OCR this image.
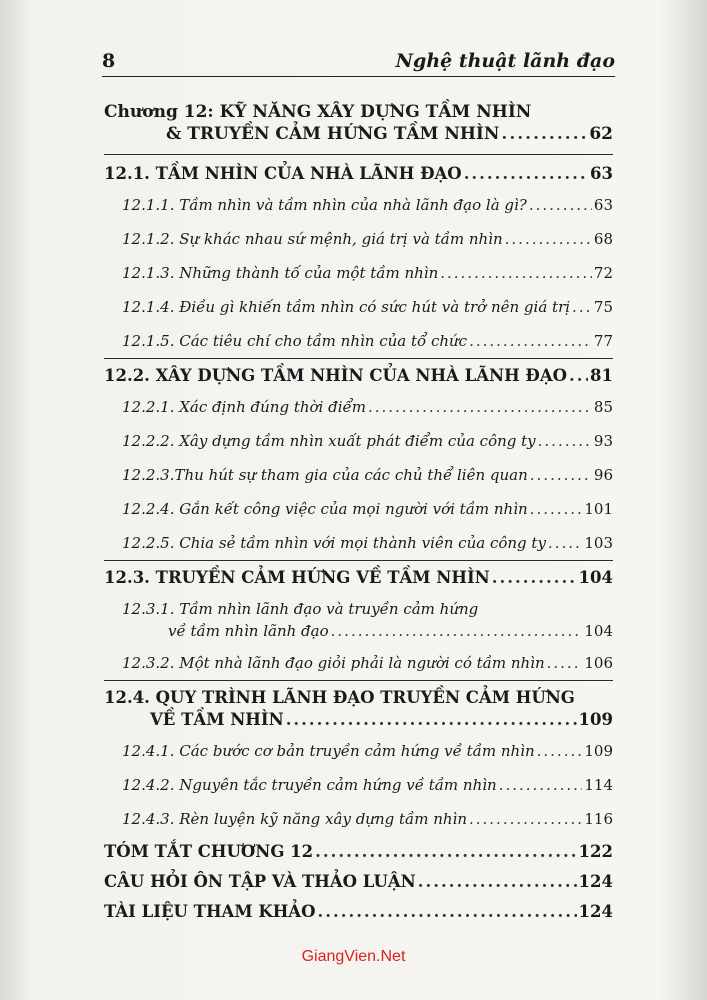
8	Nghệ thuật lãnh đạo
Chương 12: KỸ NĂNG XÂY DỰNG TẦM NHÌN
& TRUYỀN CẢM HỨNG TẦM NHÌN .....	62
12.1. TẦM NHÌN CỦA NHÀ LÃNH ĐẠO .....	63
12.1.1. Tầm nhìn và tầm nhìn của nhà lãnh đạo là gì? .....	63
12.1.2. Sự khác nhau sứ mệnh, giá trị và tầm nhìn .....	68
12.1.3. Những thành tố của một tầm nhìn .....	72
12.1.4. Điều gì khiến tầm nhìn có sức hút và trở nên giá trị ..... 75
12.1.5. Các tiêu chí cho tầm nhìn của tổ chức .....	77
12.2. XÂY DỰNG TẦM NHÌN CỦA NHÀ LÃNH ĐẠO ..... 81
12.2.1. Xác định đúng thời điểm .....	85
12.2.2. Xây dựng tầm nhìn xuất phát điểm của công ty .....	93
12.2.3.Thu hút sự tham gia của các chủ thể liên quan .....	96
12.2.4. Gắn kết công việc của mọi người với tầm nhìn .....	101
12.2.5. Chia sẻ tầm nhìn với mọi thành viên của công ty .....	103
12.3. TRUYỀN CẢM HỨNG VỀ TẦM NHÌN .....	104
12.3.1. Tầm nhìn lãnh đạo và truyền cảm hứng
về tầm nhìn lãnh đạo .....	104
12.3.2. Một nhà lãnh đạo giỏi phải là người có tầm nhìn .....	106
12.4. QUY TRÌNH LÃNH ĐẠO TRUYỀN CẢM HỨNG
VỀ TẦM NHÌN .....	109
12.4.1. Các bước cơ bản truyền cảm hứng về tầm nhìn .....	109
12.4.2. Nguyên tắc truyền cảm hứng về tầm nhìn .....	114
12.4.3. Rèn luyện kỹ năng xây dựng tầm nhìn .....	116
TÓM TẮT CHƯƠNG 12 .....	122
CÂU HỎI ÔN TẬP VÀ THẢO LUẬN .....	124
TÀI LIỆU THAM KHẢO .....	124
GiangVien.Net
